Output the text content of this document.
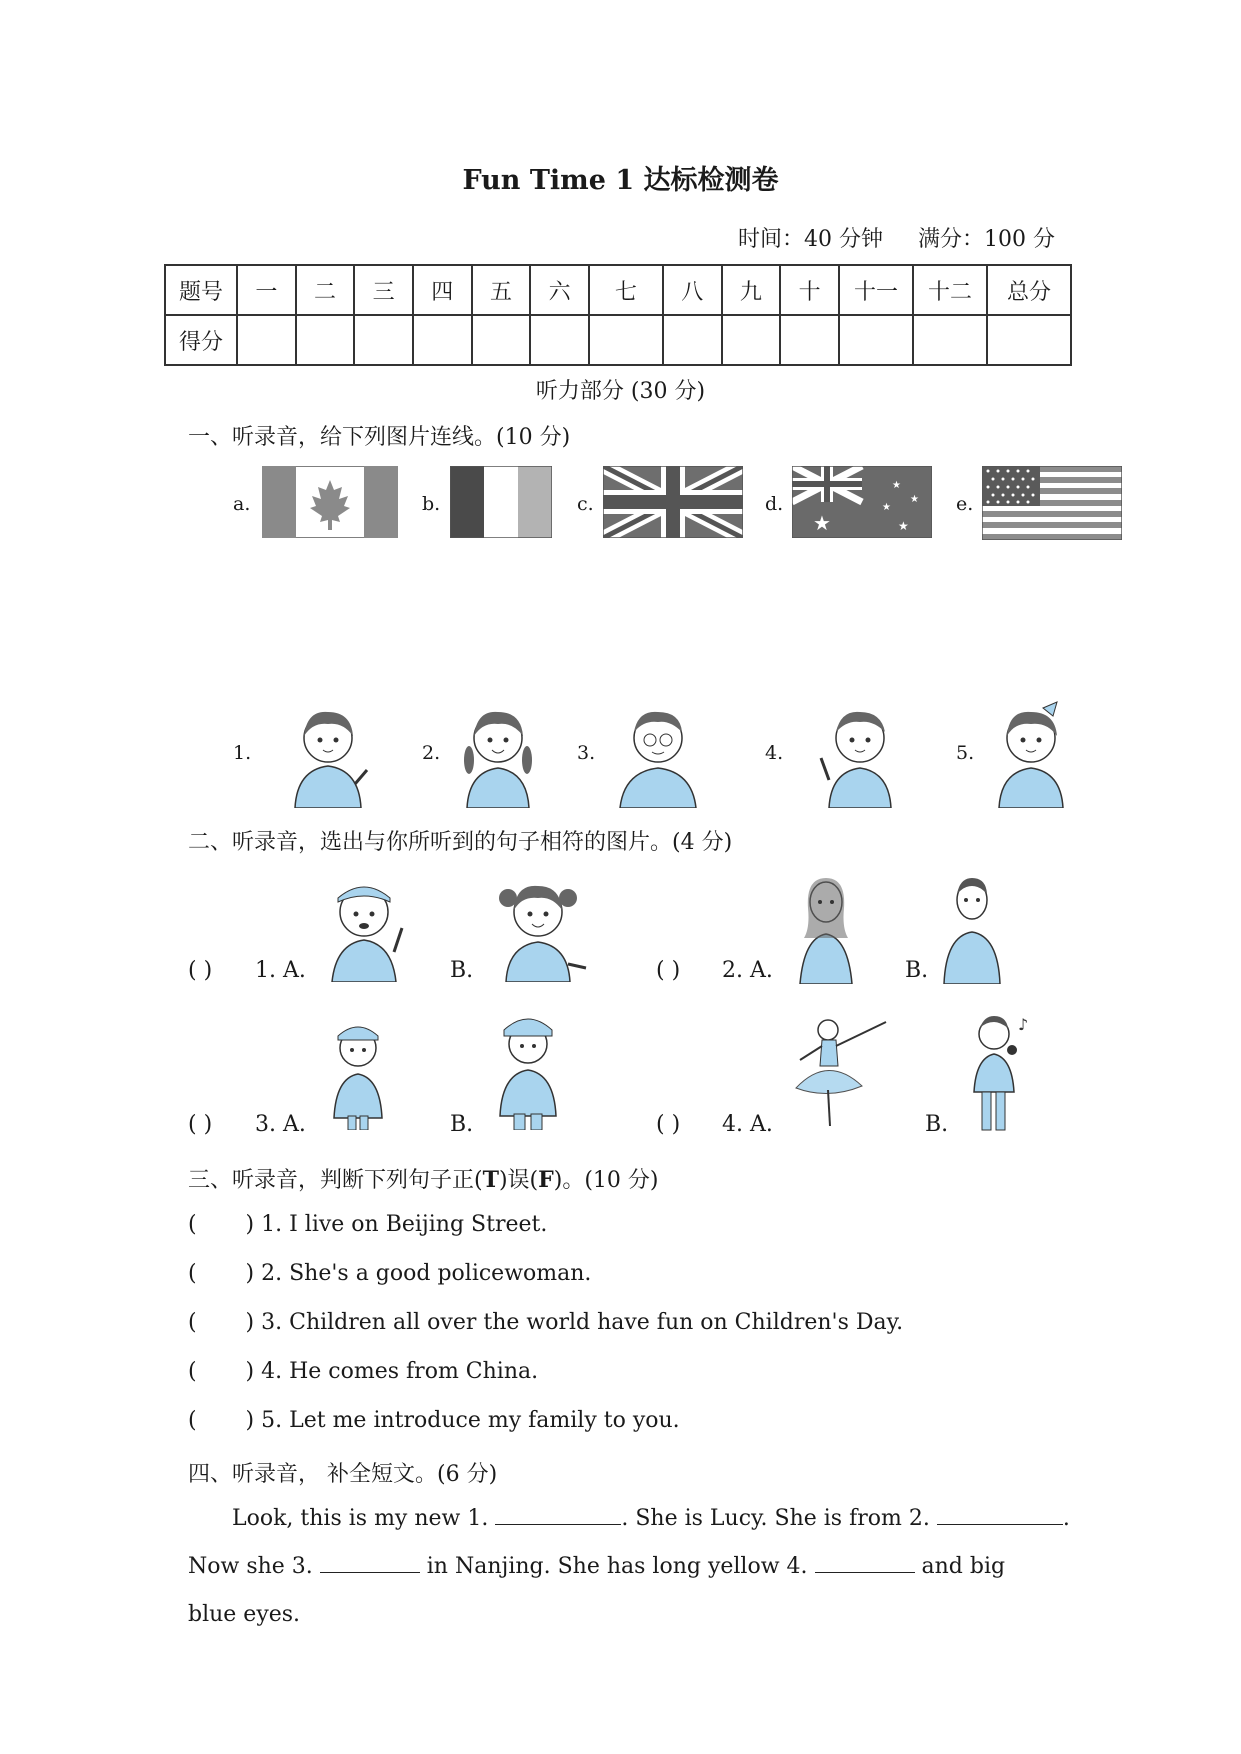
Fun Time 1 达标检测卷
时间：40 分钟 满分：100 分
题号	一	二	三	四	五	六	七	八	九	十	十一	十二	总分
得分													
听力部分 (30 分)
一、听录音，给下列图片连线。(10 分)
a.	b.	c.	d.	e.
★
★
★
★
★
1.	2.	3.	4.	5.
二、听录音，选出与你所听到的句子相符的图片。(4 分)
( ) 1. A.	B.	( ) 2. A.	B.
( ) 3. A.	B.	( ) 4. A.	B.
♪
三、听录音，判断下列句子正(T)误(F)。(10 分)
(       ) 1. I live on Beijing Street.
(       ) 2. She's a good policewoman.
(       ) 3. Children all over the world have fun on Children's Day.
(       ) 4. He comes from China.
(       ) 5. Let me introduce my family to you.
四、听录音， 补全短文。(6 分)
Look, this is my new 1.	. She is Lucy. She is from 2.	.
Now she 3.	in Nanjing. She has long yellow 4.	and big blue eyes.
